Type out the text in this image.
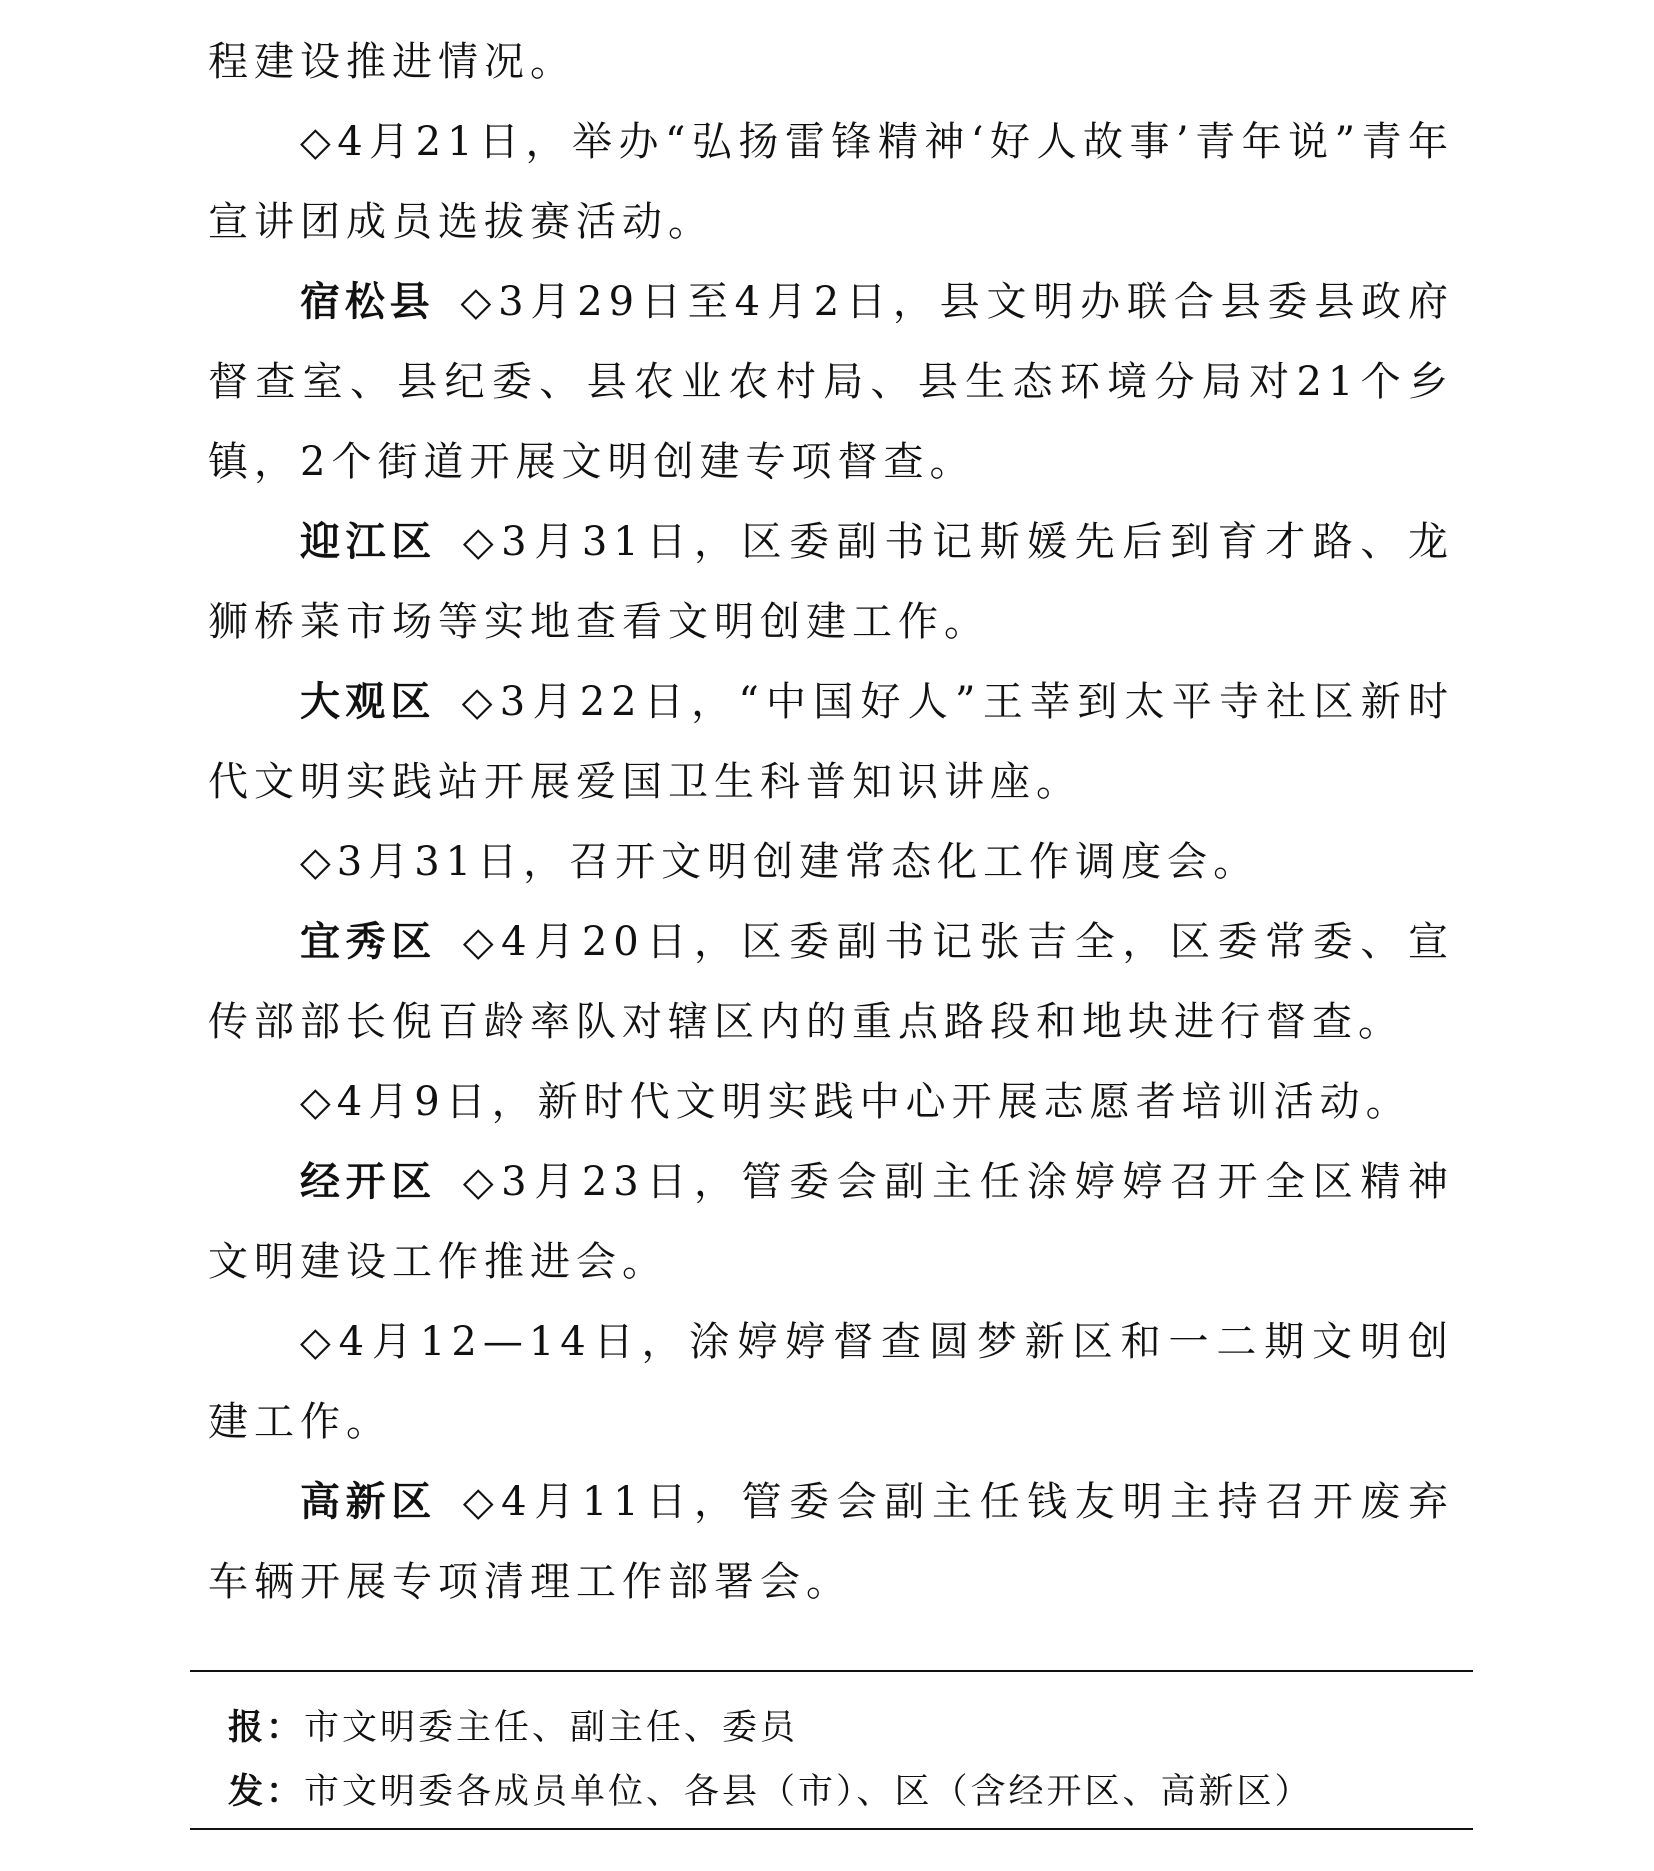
程建设推进情况。

◇4月21日，举办“弘扬雷锋精神‘好人故事’青年说”青年宣讲团成员选拔赛活动。

宿松县 ◇3月29日至4月2日，县文明办联合县委县政府督查室、县纪委、县农业农村局、县生态环境分局对21个乡镇，2个街道开展文明创建专项督查。

迎江区 ◇3月31日，区委副书记斯媛先后到育才路、龙狮桥菜市场等实地查看文明创建工作。

大观区 ◇3月22日，“中国好人”王莘到太平寺社区新时代文明实践站开展爱国卫生科普知识讲座。

◇3月31日，召开文明创建常态化工作调度会。

宜秀区 ◇4月20日，区委副书记张吉全，区委常委、宣传部部长倪百龄率队对辖区内的重点路段和地块进行督查。

◇4月9日，新时代文明实践中心开展志愿者培训活动。

经开区 ◇3月23日，管委会副主任涂婷婷召开全区精神文明建设工作推进会。

◇4月12—14日，涂婷婷督查圆梦新区和一二期文明创建工作。

高新区 ◇4月11日，管委会副主任钱友明主持召开废弃车辆开展专项清理工作部署会。

报：市文明委主任、副主任、委员
发：市文明委各成员单位、各县（市）、区（含经开区、高新区）
